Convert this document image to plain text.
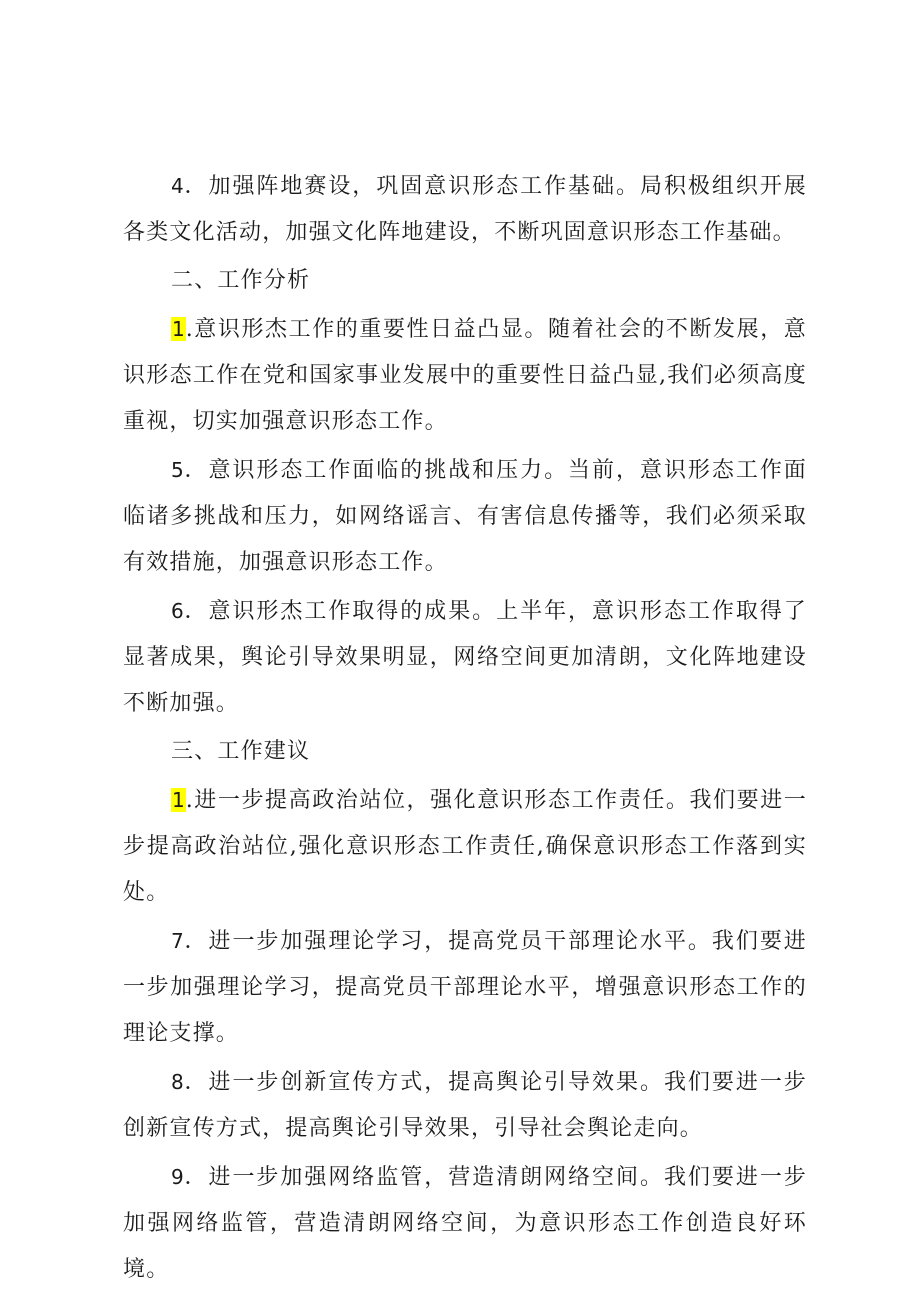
4．加强阵地赛设，巩固意识形态工作基础。局积极组织开展各类文化活动，加强文化阵地建设，不断巩固意识形态工作基础。

二、工作分析

1.意识形杰工作的重要性日益凸显。随着社会的不断发展，意识形态工作在党和国家事业发展中的重要性日益凸显,我们必须高度重视，切实加强意识形态工作。

5．意识形态工作面临的挑战和压力。当前，意识形态工作面临诸多挑战和压力，如网络谣言、有害信息传播等，我们必须采取有效措施，加强意识形态工作。

6．意识形杰工作取得的成果。上半年，意识形态工作取得了显著成果，舆论引导效果明显，网络空间更加清朗，文化阵地建设不断加强。

三、工作建议

1.进一步提高政治站位，强化意识形态工作责任。我们要进一步提高政治站位,强化意识形态工作责任,确保意识形态工作落到实处。

7．进一步加强理论学习，提高党员干部理论水平。我们要进一步加强理论学习，提高党员干部理论水平，增强意识形态工作的理论支撑。

8．进一步创新宣传方式，提高舆论引导效果。我们要进一步创新宣传方式，提高舆论引导效果，引导社会舆论走向。

9．进一步加强网络监管，营造清朗网络空间。我们要进一步加强网络监管，营造清朗网络空间，为意识形态工作创造良好环境。
